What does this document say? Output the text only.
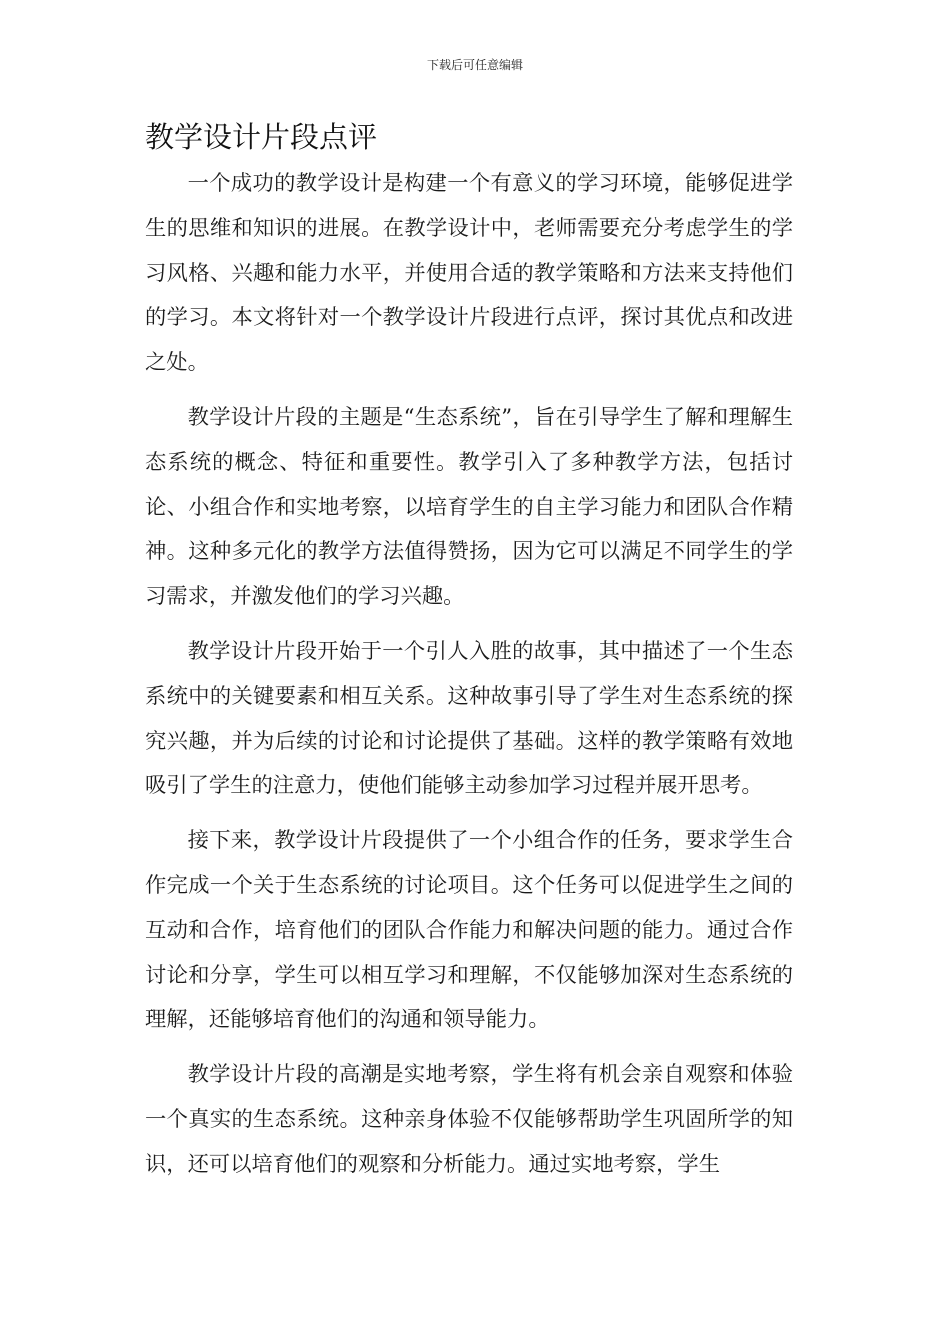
下载后可任意编辑
教学设计片段点评

一个成功的教学设计是构建一个有意义的学习环境，能够促进学生的思维和知识的进展。在教学设计中，老师需要充分考虑学生的学习风格、兴趣和能力水平，并使用合适的教学策略和方法来支持他们的学习。本文将针对一个教学设计片段进行点评，探讨其优点和改进之处。

教学设计片段的主题是“生态系统”，旨在引导学生了解和理解生态系统的概念、特征和重要性。教学引入了多种教学方法，包括讨论、小组合作和实地考察，以培育学生的自主学习能力和团队合作精神。这种多元化的教学方法值得赞扬，因为它可以满足不同学生的学习需求，并激发他们的学习兴趣。

教学设计片段开始于一个引人入胜的故事，其中描述了一个生态系统中的关键要素和相互关系。这种故事引导了学生对生态系统的探究兴趣，并为后续的讨论和讨论提供了基础。这样的教学策略有效地吸引了学生的注意力，使他们能够主动参加学习过程并展开思考。

接下来，教学设计片段提供了一个小组合作的任务，要求学生合作完成一个关于生态系统的讨论项目。这个任务可以促进学生之间的互动和合作，培育他们的团队合作能力和解决问题的能力。通过合作讨论和分享，学生可以相互学习和理解，不仅能够加深对生态系统的理解，还能够培育他们的沟通和领导能力。

教学设计片段的高潮是实地考察，学生将有机会亲自观察和体验一个真实的生态系统。这种亲身体验不仅能够帮助学生巩固所学的知识，还可以培育他们的观察和分析能力。通过实地考察，学生
